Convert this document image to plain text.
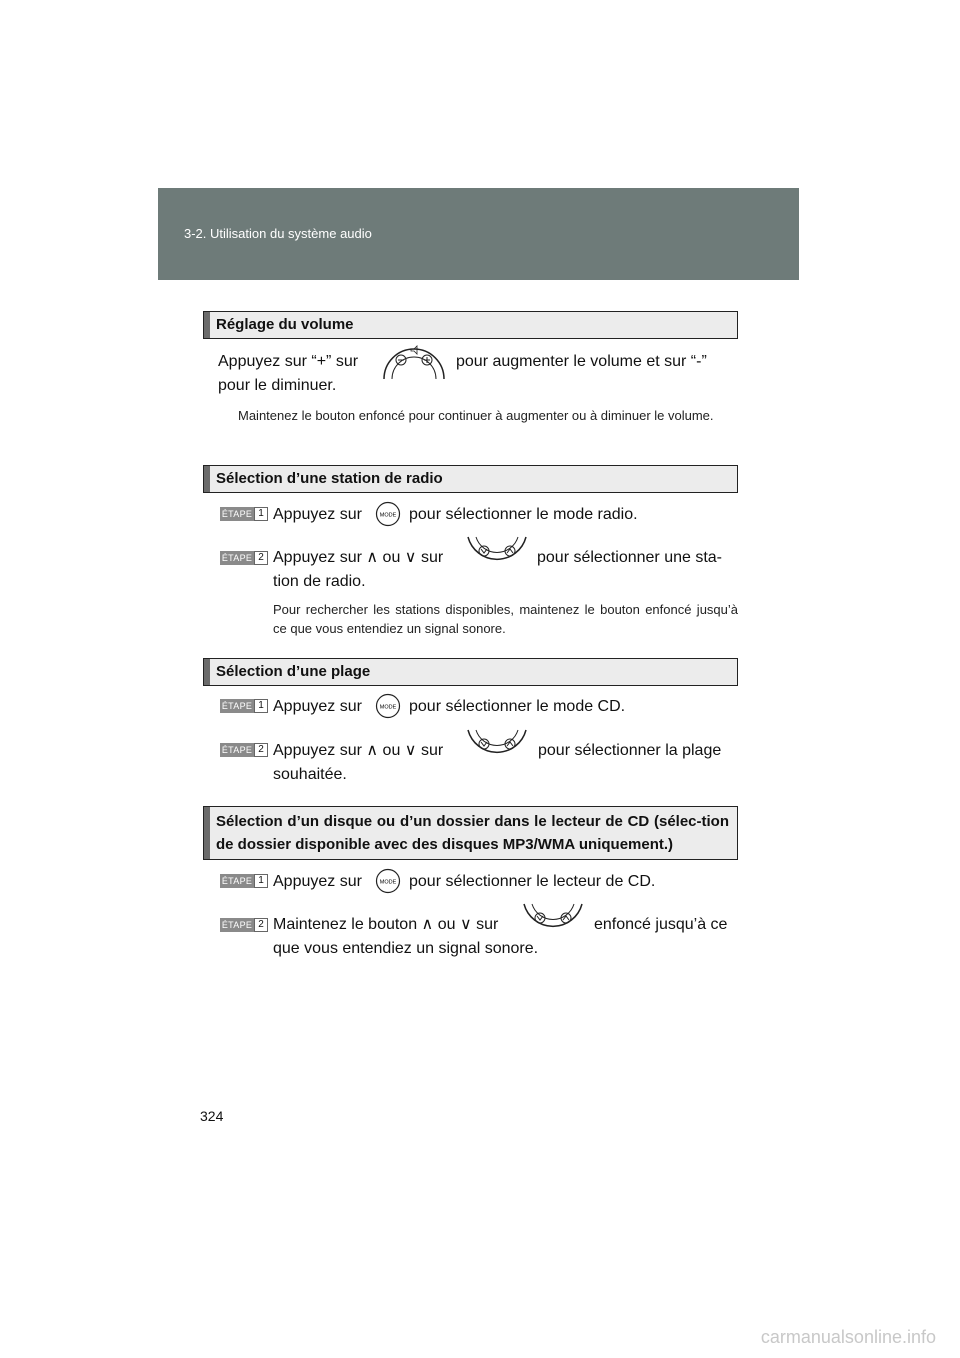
3-2. Utilisation du système audio
Réglage du volume
Appuyez sur “+” sur	pour augmenter le volume et sur “-”
pour le diminuer.
Maintenez le bouton enfoncé pour continuer à augmenter ou à diminuer le volume.
Sélection d’une station de radio
ÉTAPE 1 Appuyez sur	MODE pour sélectionner le mode radio.
ÉTAPE 2 Appuyez sur ∧ ou ∨ sur	pour sélectionner une sta-
tion de radio.
Pour rechercher les stations disponibles, maintenez le bouton enfoncé jusqu’à ce que vous entendiez un signal sonore.
Sélection d’une plage
ÉTAPE 1 Appuyez sur	MODE pour sélectionner le mode CD.
ÉTAPE 2 Appuyez sur ∧ ou ∨ sur	pour sélectionner la plage
souhaitée.
Sélection d’un disque ou d’un dossier dans le lecteur de CD (sélec-tion de dossier disponible avec des disques MP3/WMA uniquement.)
ÉTAPE 1 Appuyez sur	MODE pour sélectionner le lecteur de CD.
ÉTAPE 2 Maintenez le bouton ∧ ou ∨ sur	enfoncé jusqu’à ce
que vous entendiez un signal sonore.
324
carmanualsonline.info
